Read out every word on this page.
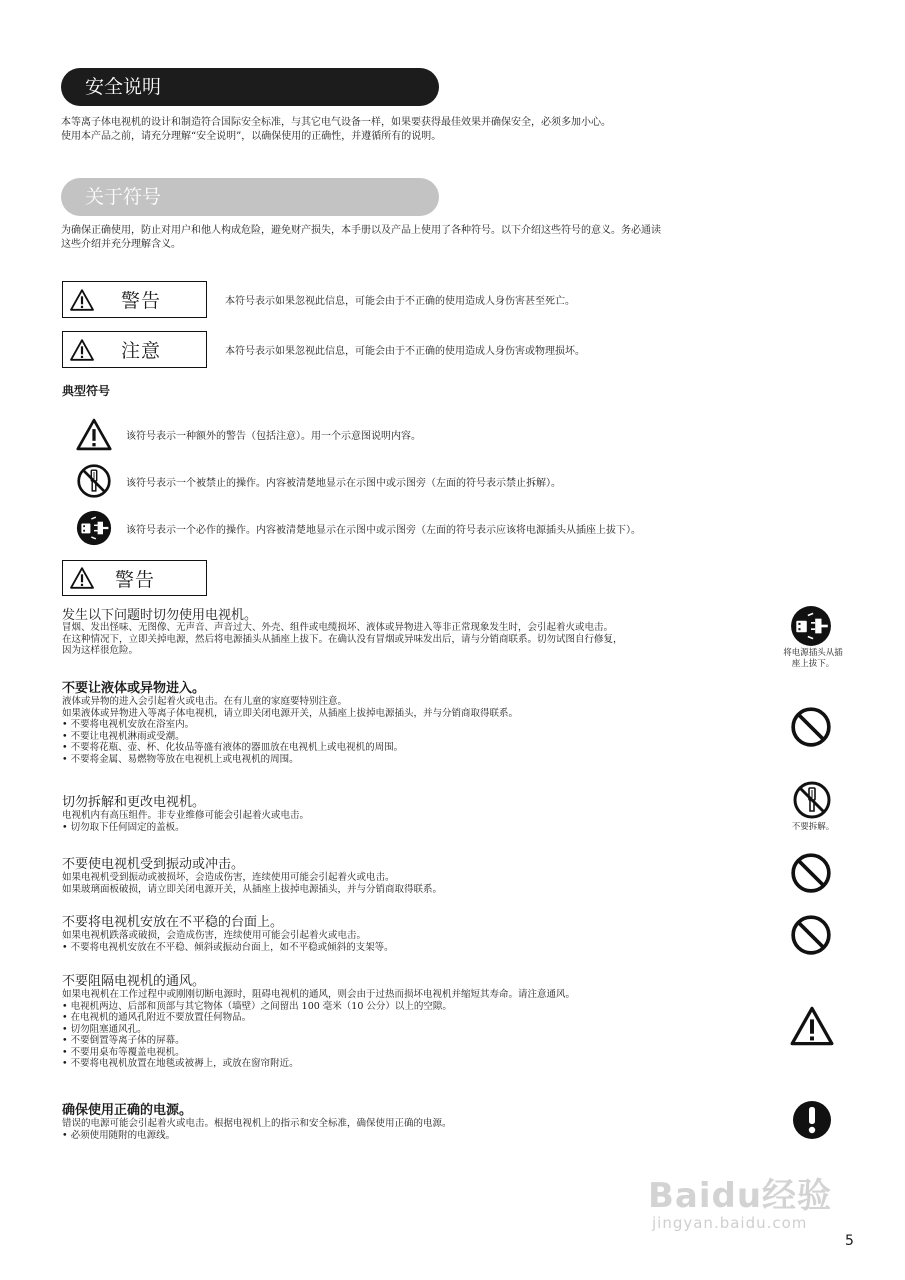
安全说明
本等离子体电视机的设计和制造符合国际安全标准，与其它电气设备一样，如果要获得最佳效果并确保安全，必须多加小心。
使用本产品之前，请充分理解“安全说明”，以确保使用的正确性，并遵循所有的说明。
关于符号
为确保正确使用，防止对用户和他人构成危险，避免财产损失，本手册以及产品上使用了各种符号。以下介绍这些符号的意义。务必通读
这些介绍并充分理解含义。
警告	本符号表示如果忽视此信息，可能会由于不正确的使用造成人身伤害甚至死亡。
注意	本符号表示如果忽视此信息，可能会由于不正确的使用造成人身伤害或物理损坏。
典型符号
该符号表示一种额外的警告（包括注意）。用一个示意图说明内容。
该符号表示一个被禁止的操作。内容被清楚地显示在示图中或示图旁（左面的符号表示禁止拆解）。
该符号表示一个必作的操作。内容被清楚地显示在示图中或示图旁（左面的符号表示应该将电源插头从插座上拔下）。
警告
发生以下问题时切勿使用电视机。
冒烟、发出怪味、无图像、无声音、声音过大、外壳、组件或电缆损坏、液体或异物进入等非正常现象发生时，会引起着火或电击。
在这种情况下，立即关掉电源，然后将电源插头从插座上拔下。在确认没有冒烟或异味发出后，请与分销商联系。切勿试图自行修复，
因为这样很危险。	将电源插头从插
座上拔下。
不要让液体或异物进入。
液体或异物的进入会引起着火或电击。在有儿童的家庭要特别注意。
如果液体或异物进入等离子体电视机，请立即关闭电源开关，从插座上拔掉电源插头，并与分销商取得联系。
• 不要将电视机安放在浴室内。
• 不要让电视机淋雨或受潮。
• 不要将花瓶、壶、杯、化妆品等盛有液体的器皿放在电视机上或电视机的周围。
• 不要将金属、易燃物等放在电视机上或电视机的周围。
切勿拆解和更改电视机。
电视机内有高压组件。非专业维修可能会引起着火或电击。
• 切勿取下任何固定的盖板。	不要拆解。
不要使电视机受到振动或冲击。
如果电视机受到振动或被损坏，会造成伤害，连续使用可能会引起着火或电击。
如果玻璃面板破损，请立即关闭电源开关，从插座上拔掉电源插头，并与分销商取得联系。
不要将电视机安放在不平稳的台面上。
如果电视机跌落或破损，会造成伤害，连续使用可能会引起着火或电击。
• 不要将电视机安放在不平稳、倾斜或振动台面上，如不平稳或倾斜的支架等。
不要阻隔电视机的通风。
如果电视机在工作过程中或刚刚切断电源时，阻碍电视机的通风，则会由于过热而损坏电视机并缩短其寿命。请注意通风。
• 电视机两边、后部和顶部与其它物体（墙壁）之间留出 100 毫米（10 公分）以上的空隙。
• 在电视机的通风孔附近不要放置任何物品。
• 切勿阻塞通风孔。
• 不要倒置等离子体的屏幕。
• 不要用桌布等覆盖电视机。
• 不要将电视机放置在地毯或被褥上，或放在窗帘附近。
确保使用正确的电源。
错误的电源可能会引起着火或电击。根据电视机上的指示和安全标准，确保使用正确的电源。
• 必须使用随附的电源线。
Baidu经验
jingyan.baidu.com
5
